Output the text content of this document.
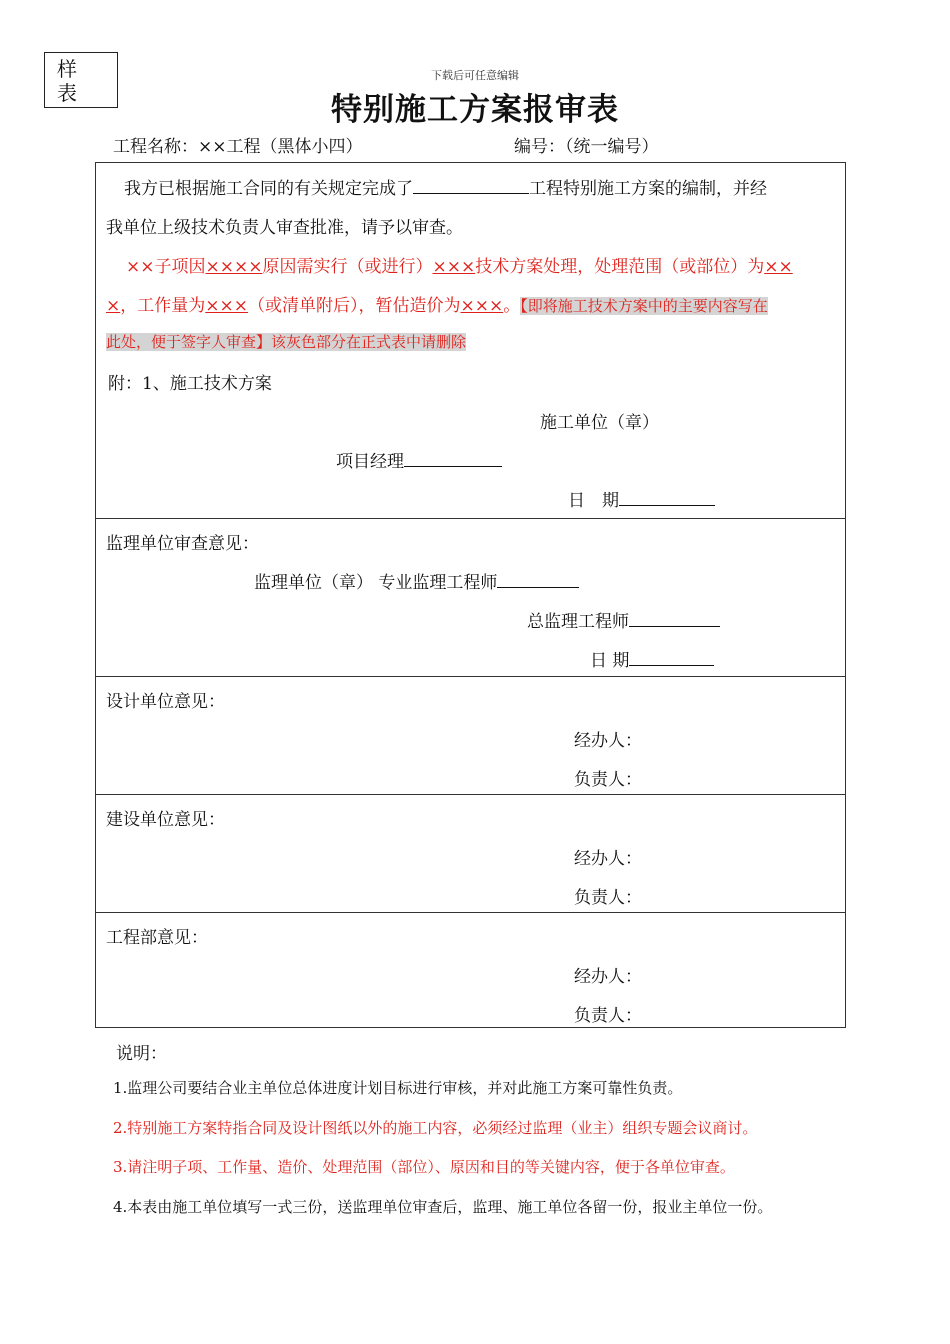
样
表
下载后可任意编辑
特别施工方案报审表
工程名称：××工程（黑体小四）	编号：（统一编号）
我方已根据施工合同的有关规定完成了	工程特别施工方案的编制，并经
我单位上级技术负责人审查批准，请予以审查。
××子项因××××原因需实行（或进行）×××技术方案处理，处理范围（或部位）为××
×，工作量为×××（或清单附后），暂估造价为×××。【即将施工技术方案中的主要内容写在
此处，便于签字人审查】该灰色部分在正式表中请删除
附：1、施工技术方案
施工单位（章）
项目经理
日　期
监理单位审查意见：
监理单位（章） 专业监理工程师
总监理工程师
日 期
设计单位意见：
经办人：
负责人：
建设单位意见：
经办人：
负责人：
工程部意见：
经办人：
负责人：
说明：
1.监理公司要结合业主单位总体进度计划目标进行审核，并对此施工方案可靠性负责。
2.特别施工方案特指合同及设计图纸以外的施工内容，必须经过监理（业主）组织专题会议商讨。
3.请注明子项、工作量、造价、处理范围（部位）、原因和目的等关键内容，便于各单位审查。
4.本表由施工单位填写一式三份，送监理单位审查后，监理、施工单位各留一份，报业主单位一份。
